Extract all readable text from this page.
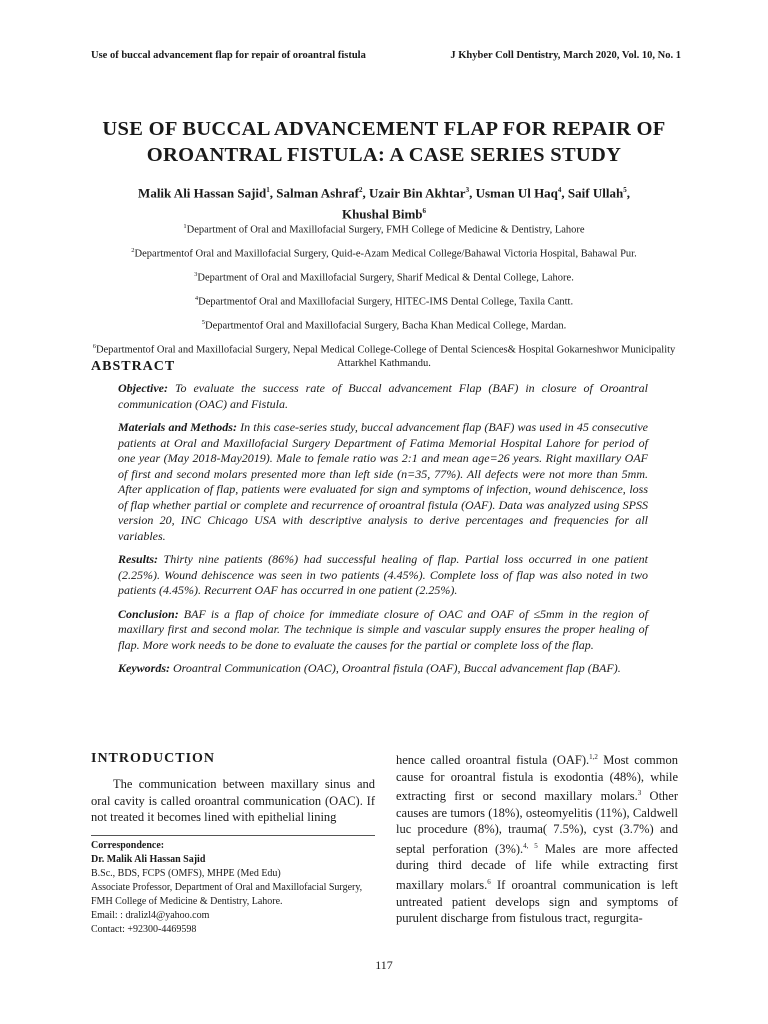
Use of buccal advancement flap for repair of oroantral fistula	J Khyber Coll Dentistry, March 2020, Vol. 10, No. 1
USE OF BUCCAL ADVANCEMENT FLAP FOR REPAIR OF
OROANTRAL FISTULA: A CASE SERIES STUDY
Malik Ali Hassan Sajid$^1$, Salman Ashraf$^2$, Uzair Bin Akhtar$^3$, Usman Ul Haq$^4$, Saif Ullah$^5$,
Khushal Bimb$^6$

$^1$Department of Oral and Maxillofacial Surgery, FMH College of Medicine & Dentistry, Lahore

$^2$Departmentof Oral and Maxillofacial Surgery, Quid-e-Azam Medical College/Bahawal Victoria Hospital, Bahawal Pur.

$^3$Department of Oral and Maxillofacial Surgery, Sharif Medical & Dental College, Lahore.

$^4$Departmentof Oral and Maxillofacial Surgery, HITEC-IMS Dental College, Taxila Cantt.

$^5$Departmentof Oral and Maxillofacial Surgery, Bacha Khan Medical College, Mardan.

$^6$Departmentof Oral and Maxillofacial Surgery, Nepal Medical College-College of Dental Sciences& Hospital Gokarneshwor Municipality Attarkhel Kathmandu.

ABSTRACT

Objective: To evaluate the success rate of Buccal advancement Flap (BAF) in closure of Oroantral communication (OAC) and Fistula.

Materials and Methods: In this case-series study, buccal advancement flap (BAF) was used in 45 consecutive patients at Oral and Maxillofacial Surgery Department of Fatima Memorial Hospital Lahore for period of one year (May 2018-May2019). Male to female ratio was 2:1 and mean age=26 years. Right maxillary OAF of first and second molars presented more than left side (n=35, 77%). All defects were not more than 5mm. After application of flap, patients were evaluated for sign and symptoms of infection, wound dehiscence, loss of flap whether partial or complete and recurrence of oroantral fistula (OAF). Data was analyzed using SPSS version 20, INC Chicago USA with descriptive analysis to derive percentages and frequencies for all variables.

Results: Thirty nine patients (86%) had successful healing of flap. Partial loss occurred in one patient (2.25%). Wound dehiscence was seen in two patients (4.45%). Complete loss of flap was also noted in two patients (4.45%). Recurrent OAF has occurred in one patient (2.25%).

Conclusion: BAF is a flap of choice for immediate closure of OAC and OAF of ≤5mm in the region of maxillary first and second molar. The technique is simple and vascular supply ensures the proper healing of flap. More work needs to be done to evaluate the causes for the partial or complete loss of the flap.

Keywords: Oroantral Communication (OAC), Oroantral fistula (OAF), Buccal advancement flap (BAF).

INTRODUCTION

The communication between maxillary sinus and oral cavity is called oroantral communication (OAC). If not treated it becomes lined with epithelial lining

hence called oroantral fistula (OAF).$^{1,2}$ Most common cause for oroantral fistula is exodontia (48%), while extracting first or second maxillary molars.$^3$ Other causes are tumors (18%), osteomyelitis (11%), Caldwell luc procedure (8%), trauma( 7.5%), cyst (3.7%) and septal perforation (3%).$^{4, 5}$ Males are more affected during third decade of life while extracting first maxillary molars.$^6$ If oroantral communication is left untreated patient develops sign and symptoms of purulent discharge from fistulous tract, regurgita-

Correspondence:
Dr. Malik Ali Hassan Sajid
B.Sc., BDS, FCPS (OMFS), MHPE (Med Edu)
Associate Professor, Department of Oral and Maxillofacial Surgery, FMH College of Medicine & Dentistry, Lahore.
Email: : dralizl4@yahoo.com
Contact: +92300-4469598
117
